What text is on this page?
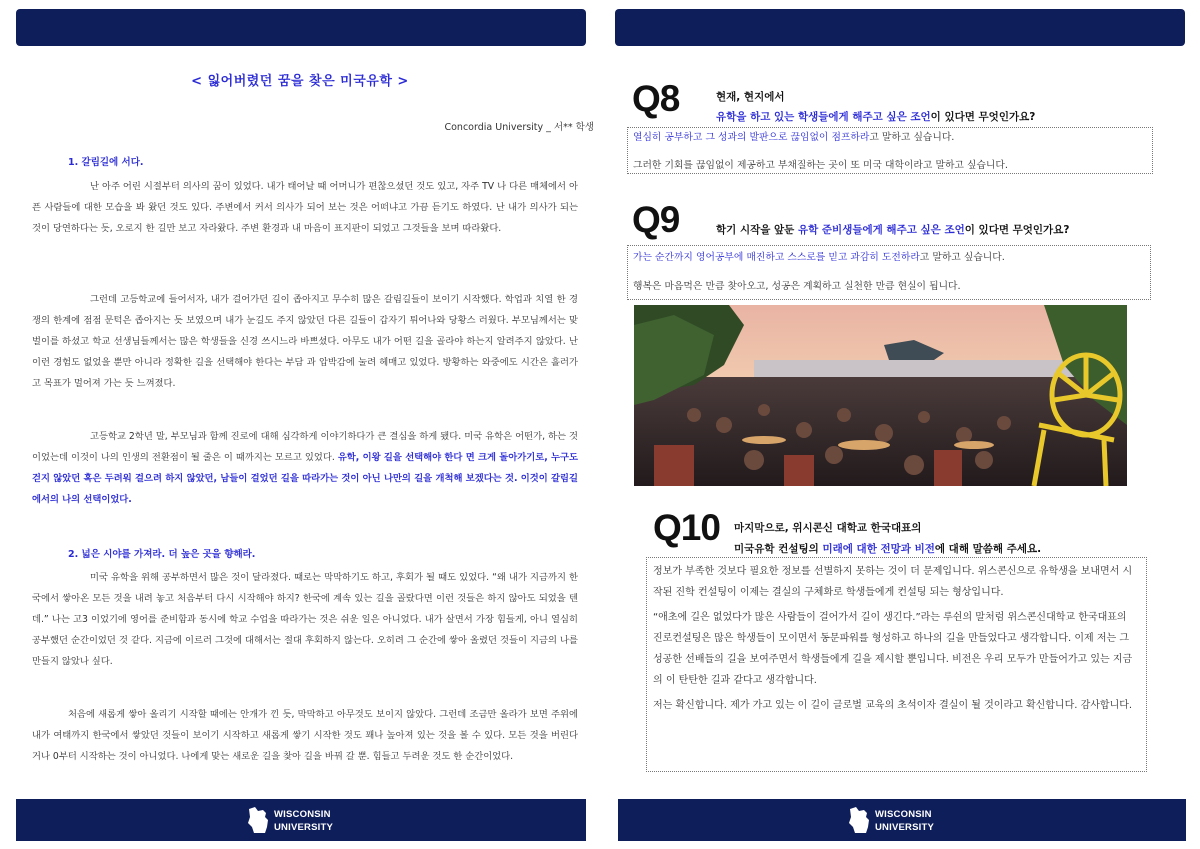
< 잃어버렸던 꿈을 찾은 미국유학 >
Concordia University _ 서** 학생
1. 갈림길에 서다.
난 아주 어린 시절부터 의사의 꿈이 있었다. 내가 태어날 때 어머니가 편찮으셨던 것도 있고, 자주 TV 나 다른 매체에서 아픈 사람들에 대한 모습을 봐 왔던 것도 있다. 주변에서 커서 의사가 되어 보는 것은 어떠냐고 가끔 듣기도 하였다. 난 내가 의사가 되는 것이 당연하다는 듯, 오로지 한 길만 보고 자라왔다. 주변 환경과 내 마음이 표지판이 되었고 그것들을 보며 따라왔다.
그런데 고등학교에 들어서자, 내가 걸어가던 길이 좁아지고 무수히 많은 갈림길들이 보이기 시작했다. 학업과 치열 한 경쟁의 한계에 점점 문턱은 좁아지는 듯 보였으며 내가 눈길도 주지 않았던 다른 길들이 갑자기 튀어나와 당황스 러웠다. 부모님께서는 맞벌이를 하셨고 학교 선생님들께서는 많은 학생들을 신경 쓰시느라 바쁘셨다. 아무도 내가 어떤 길을 골라야 하는지 알려주지 않았다. 난 이런 경험도 없었을 뿐만 아니라 정확한 길을 선택해야 한다는 부담 과 압박감에 눌려 헤매고 있었다. 방황하는 와중에도 시간은 흘러가고 목표가 멀어져 가는 듯 느껴졌다.
고등학교 2학년 말, 부모님과 함께 진로에 대해 심각하게 이야기하다가 큰 결심을 하게 됐다. 미국 유학은 어떤가, 하는 것이었는데 이것이 나의 인생의 전환점이 될 줄은 이 때까지는 모르고 있었다. 유학, 이왕 길을 선택해야 한다 면 크게 돌아가기로, 누구도 걷지 않았던 혹은 두려워 걸으려 하지 않았던, 남들이 걸었던 길을 따라가는 것이 아닌 나만의 길을 개척해 보겠다는 것. 이것이 갈림길에서의 나의 선택이었다.
2. 넓은 시야를 가져라. 더 높은 곳을 향해라.
미국 유학을 위해 공부하면서 많은 것이 달라졌다. 때로는 막막하기도 하고, 후회가 될 때도 있었다. “왜 내가 지금까지 한국에서 쌓아온 모든 것을 내려 놓고 처음부터 다시 시작해야 하지? 한국에 계속 있는 길을 골랐다면 이런 것들은 하지 않아도 되었을 텐데.” 나는 고3 이었기에 영어를 준비함과 동시에 학교 수업을 따라가는 것은 쉬운 일은 아니었다. 내가 살면서 가장 힘들게, 아니 열심히 공부했던 순간이었던 것 같다. 지금에 이르러 그것에 대해서는 절대 후회하지 않는다. 오히려 그 순간에 쌓아 올렸던 것들이 지금의 나를 만들지 않았나 싶다.
처음에 새롭게 쌓아 올리기 시작할 때에는 안개가 낀 듯, 막막하고 아무것도 보이지 않았다. 그런데 조금만 올라가 보면 주위에 내가 여태까지 한국에서 쌓았던 것들이 보이기 시작하고 새롭게 쌓기 시작한 것도 꽤나 높아져 있는 것을 볼 수 있다. 모든 것을 버린다거나 0부터 시작하는 것이 아니었다. 나에게 맞는 새로운 길을 찾아 길을 바꿔 갈 뿐. 힘들고 두려운 것도 한 순간이었다.
WISCONSIN
UNIVERSITY
WISCONSIN
UNIVERSITY
Q8	현재, 현지에서
유학을 하고 있는 학생들에게 해주고 싶은 조언이 있다면 무엇인가요?

열심히 공부하고 그 성과의 발판으로 끊임없이 점프하라고 말하고 싶습니다.

그러한 기회를 끊임없이 제공하고 부채질하는 곳이 또 미국 대학이라고 말하고 싶습니다.

Q9	학기 시작을 앞둔 유학 준비생들에게 해주고 싶은 조언이 있다면 무엇인가요?

가는 순간까지 영어공부에 매진하고 스스로를 믿고 과감히 도전하라고 말하고 싶습니다.

행복은 마음먹은 만큼 찾아오고, 성공은 계획하고 실천한 만큼 현실이 됩니다.

Q10 마지막으로, 위시콘신 대학교 한국대표의
미국유학 컨설팅의 미래에 대한 전망과 비전에 대해 말씀해 주세요.

정보가 부족한 것보다 필요한 정보를 선별하지 못하는 것이 더 문제입니다. 위스콘신으로 유학생을 보내면서 시작된 진학 컨설팅이 이제는 결실의 구체화로 학생들에게 컨설팅 되는 형상입니다.

“애초에 길은 없었다가 많은 사람들이 걸어가서 길이 생긴다.”라는 루쉰의 말처럼 위스콘신대학교 한국대표의 진로컨설팅은 많은 학생들이 모이면서 동문파워를 형성하고 하나의 길을 만들었다고 생각합니다. 이제 저는 그 성공한 선배들의 길을 보여주면서 학생들에게 길을 제시할 뿐입니다. 비전은 우리 모두가 만들어가고 있는 지금의 이 탄탄한 길과 같다고 생각합니다.

저는 확신합니다. 제가 가고 있는 이 길이 글로벌 교육의 초석이자 결실이 될 것이라고 확신합니다. 감사합니다.
